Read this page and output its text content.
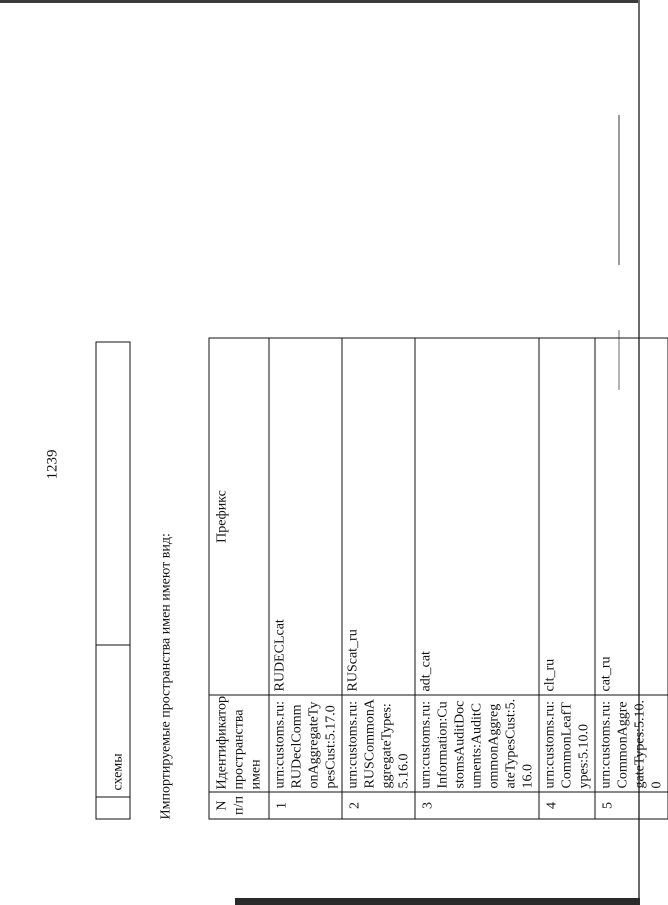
1239
	схемы	Импортируемые пространства имен имеют вид:	N п/п	Идентификатор пространства имен	Префикс
1	urn:customs.ru:RUDeclCommonAggregateTypesCust:5.17.0	RUDECLcat
2	urn:customs.ru:RUSCommonAggregateTypes:5.16.0	RUScat_ru
3	urn:customs.ru:Information:CustomsAuditDocuments:AuditCommonAggregateTypesCust:5.16.0	adt_cat
4	urn:customs.ru:CommonLeafTypes:5.10.0	clt_ru
5	urn:customs.ru:CommonAggregateTypes:5.10.0	cat_ru
